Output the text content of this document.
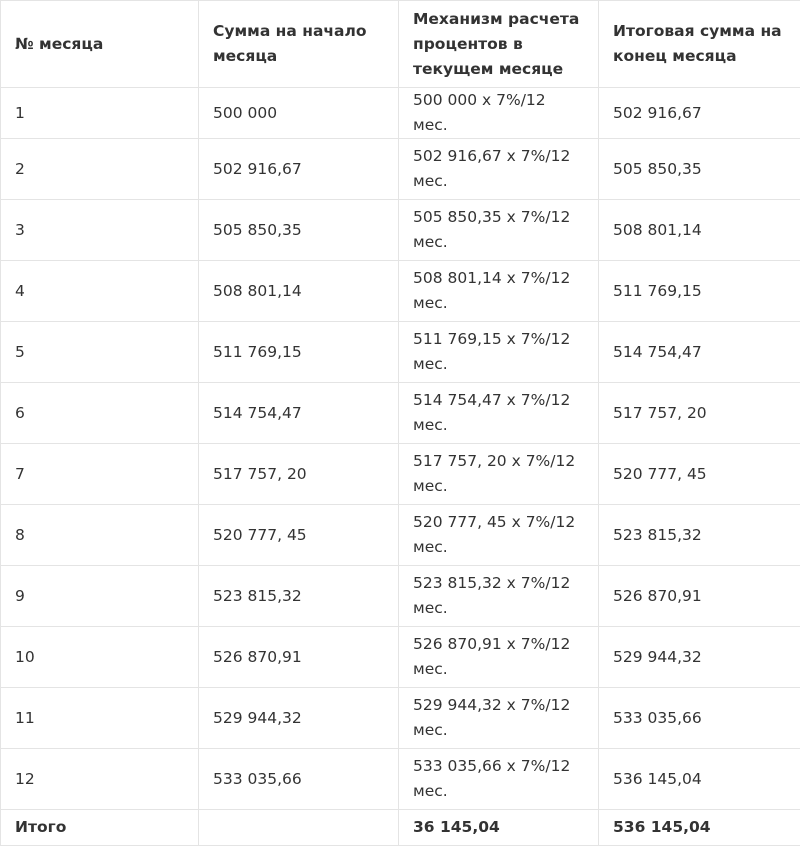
№ месяца	Сумма на начало месяца	Механизм расчета процентов в текущем месяце	Итоговая сумма на конец месяца
1	500 000	500 000 х 7%/12 мес.	502 916,67
2	502 916,67	502 916,67 х 7%/12 мес.	505 850,35
3	505 850,35	505 850,35 х 7%/12 мес.	508 801,14
4	508 801,14	508 801,14 х 7%/12 мес.	511 769,15
5	511 769,15	511 769,15 х 7%/12 мес.	514 754,47
6	514 754,47	514 754,47 х 7%/12 мес.	517 757, 20
7	517 757, 20	517 757, 20 х 7%/12 мес.	520 777, 45
8	520 777, 45	520 777, 45 х 7%/12 мес.	523 815,32
9	523 815,32	523 815,32 х 7%/12 мес.	526 870,91
10	526 870,91	526 870,91 х 7%/12 мес.	529 944,32
11	529 944,32	529 944,32 х 7%/12 мес.	533 035,66
12	533 035,66	533 035,66 х 7%/12 мес.	536 145,04
Итого		36 145,04	536 145,04
